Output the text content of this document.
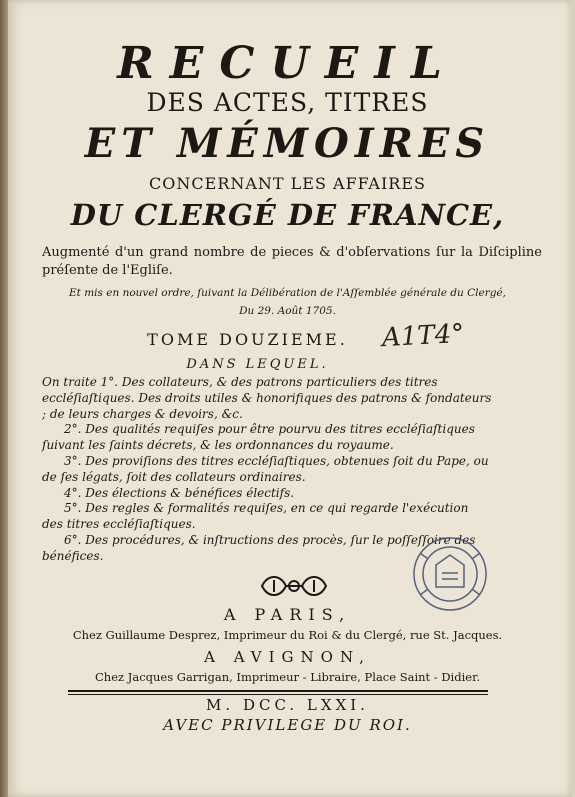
RECUEIL
DES ACTES, TITRES
ET MÉMOIRES
CONCERNANT LES AFFAIRES
DU CLERGÉ DE FRANCE,
Augmenté d'un grand nombre de pieces & d'obſervations ſur la Diſcipline préſente de l'Egliſe.
Et mis en nouvel ordre, ſuivant la Délibération de l'Aſſemblée générale du Clergé,
Du 29. Août 1705.
TOME DOUZIEME.	A1T4°
DANS LEQUEL.
On traite 1°. Des collateurs, & des patrons particuliers des titres eccléſiaſtiques. Des droits utiles & honorifiques des patrons & fondateurs ; de leurs charges & devoirs, &c.
2°. Des qualités requiſes pour être pourvu des titres eccléſiaſtiques ſuivant les ſaints décrets, & les ordonnances du royaume.
3°. Des proviſions des titres eccléſiaſtiques, obtenues ſoit du Pape, ou de ſes légats, ſoit des collateurs ordinaires.
4°. Des élections & bénéfices électifs.
5°. Des regles & formalités requiſes, en ce qui regarde l'exécution des titres eccléſiaſtiques.
6°. Des procédures, & inſtructions des procès, ſur le poſſeſſoire des bénéfices.
A PARIS,
Chez Guillaume Desprez, Imprimeur du Roi & du Clergé, rue St. Jacques.
A AVIGNON,
Chez Jacques Garrigan, Imprimeur - Libraire, Place Saint - Didier.
M. DCC. LXXI.
AVEC PRIVILEGE DU ROI.
